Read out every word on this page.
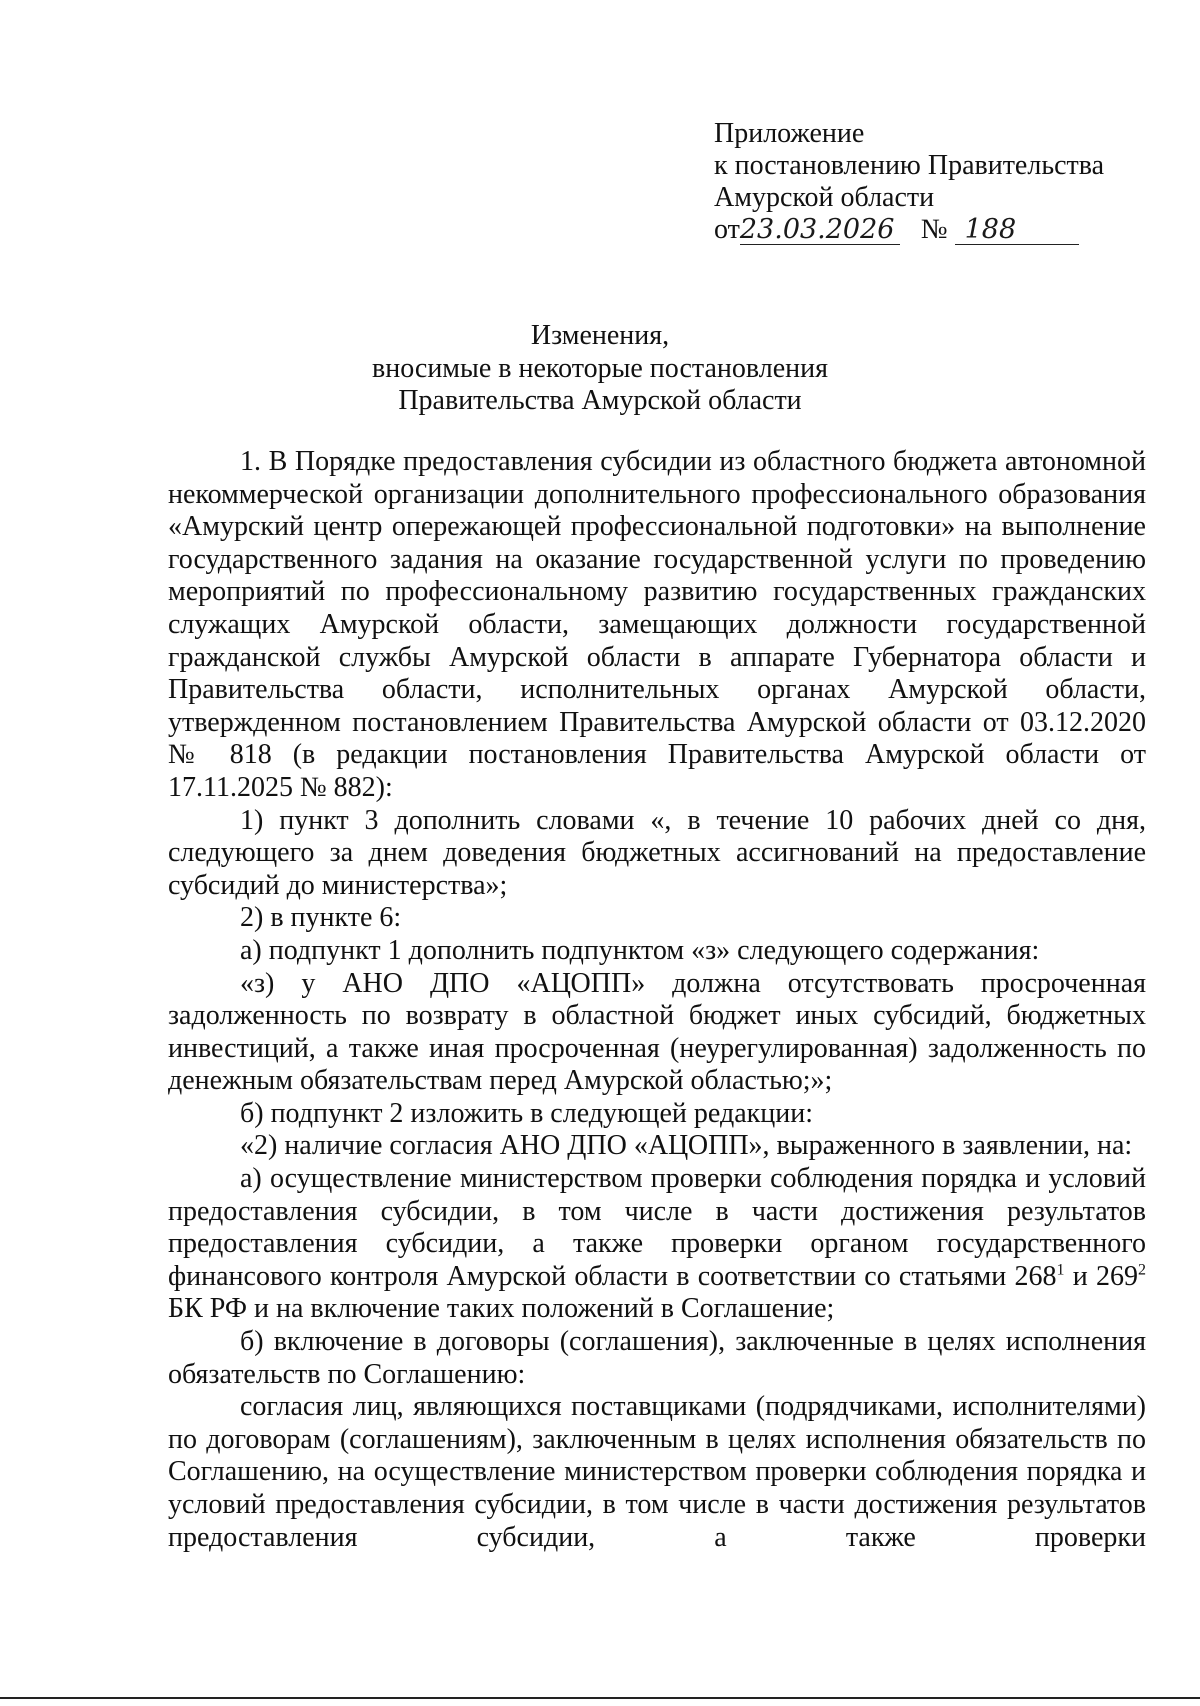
Приложение
к постановлению Правительства
Амурской области
от23.03.2026 № 188
Изменения,
вносимые в некоторые постановления
Правительства Амурской области

1. В Порядке предоставления субсидии из областного бюджета автономной некоммерческой организации дополнительного профессионального образования «Амурский центр опережающей профессиональной подготовки» на выполнение государственного задания на оказание государственной услуги по проведению мероприятий по профессиональному развитию государственных гражданских служащих Амурской области, замещающих должности государственной гражданской службы Амурской области в аппарате Губернатора области и Правительства области, исполнительных органах Амурской области, утвержденном постановлением Правительства Амурской области от 03.12.2020 № 818 (в редакции постановления Правительства Амурской области от 17.11.2025 № 882):

1) пункт 3 дополнить словами «, в течение 10 рабочих дней со дня, следующего за днем доведения бюджетных ассигнований на предоставление субсидий до министерства»;

2) в пункте 6:

а) подпункт 1 дополнить подпунктом «з» следующего содержания:

«з) у АНО ДПО «АЦОПП» должна отсутствовать просроченная задолженность по возврату в областной бюджет иных субсидий, бюджетных инвестиций, а также иная просроченная (неурегулированная) задолженность по денежным обязательствам перед Амурской областью;»;

б) подпункт 2 изложить в следующей редакции:

«2) наличие согласия АНО ДПО «АЦОПП», выраженного в заявлении, на:

а) осуществление министерством проверки соблюдения порядка и условий предоставления субсидии, в том числе в части достижения результатов предоставления субсидии, а также проверки органом государственного финансового контроля Амурской области в соответствии со статьями $268^1$ и $269^2$ БК РФ и на включение таких положений в Соглашение;

б) включение в договоры (соглашения), заключенные в целях исполнения обязательств по Соглашению:

согласия лиц, являющихся поставщиками (подрядчиками, исполнителями) по договорам (соглашениям), заключенным в целях исполнения обязательств по Соглашению, на осуществление министерством проверки соблюдения порядка и условий предоставления субсидии, в том числе в части достижения результатов предоставления субсидии, а также проверки
